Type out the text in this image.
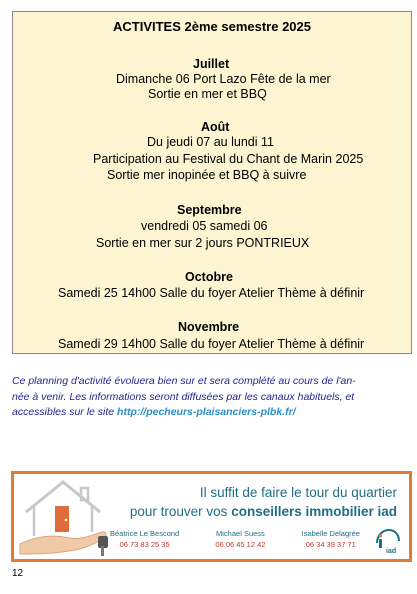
ACTIVITES 2ème semestre 2025
Juillet
Dimanche 06 Port Lazo Fête de la mer
Sortie en mer et BBQ
Août
Du jeudi 07 au lundi 11
Participation au Festival du Chant de Marin 2025
Sortie mer inopinée et BBQ à suivre
Septembre
vendredi 05 samedi 06
Sortie en mer sur 2 jours PONTRIEUX
Octobre
Samedi 25 14h00 Salle du foyer Atelier Thème à définir
Novembre
Samedi 29 14h00 Salle du foyer Atelier Thème à définir
Ce planning d'activité évoluera bien sur et sera complété au cours de l'an-
née à venir. Les informations seront diffusées par les canaux habituels, et
accessibles sur le site http://pecheurs-plaisanciers-plbk.fr/
Il suffit de faire le tour du quartier
pour trouver vos conseillers immobilier iad
Béatrice Le Bescond
06 73 83 25 35
Michael Suess
06 06 45 12 42
Isabelle Delagrée
06 34 39 37 71
iad
12
